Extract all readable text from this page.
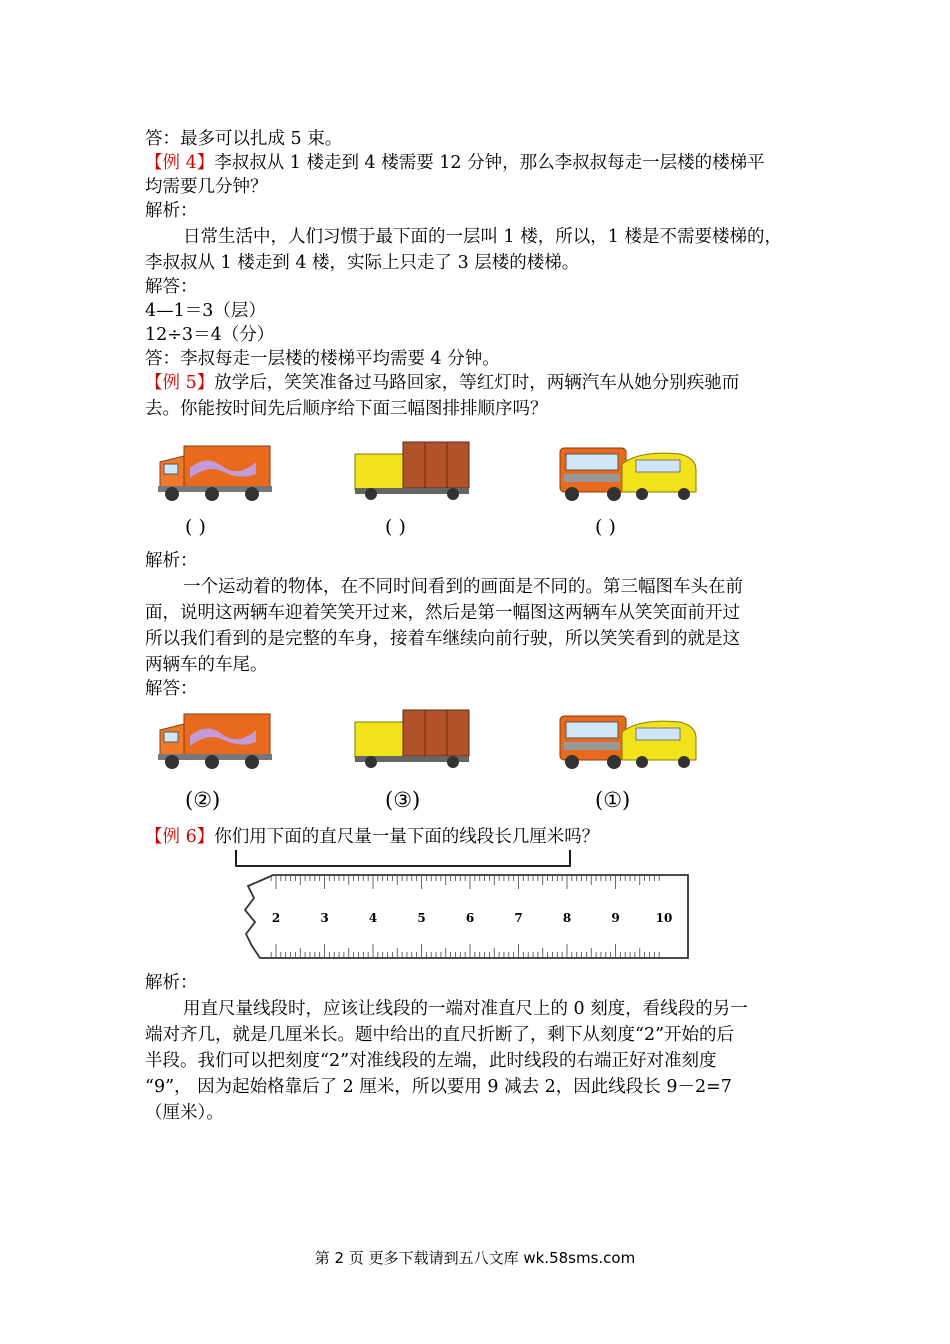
答：最多可以扎成 5 束。
【例 4】李叔叔从 1 楼走到 4 楼需要 12 分钟，那么李叔叔每走一层楼的楼梯平
均需要几分钟？
解析：
日常生活中，人们习惯于最下面的一层叫 1 楼，所以，1 楼是不需要楼梯的，
李叔叔从 1 楼走到 4 楼，实际上只走了 3 层楼的楼梯。
解答：
4—1＝3（层）
12÷3＝4（分）
答：李叔每走一层楼的楼梯平均需要 4 分钟。
【例 5】放学后，笑笑准备过马路回家，等红灯时，两辆汽车从她分别疾驰而
去。你能按时间先后顺序给下面三幅图排排顺序吗？
( )	( )	( )
解析：
一个运动着的物体，在不同时间看到的画面是不同的。第三幅图车头在前
面，说明这两辆车迎着笑笑开过来，然后是第一幅图这两辆车从笑笑面前开过
所以我们看到的是完整的车身，接着车继续向前行驶，所以笑笑看到的就是这
两辆车的车尾。
解答：
(②)	(③)	(①)
【例 6】你们用下面的直尺量一量下面的线段长几厘米吗？
2	3	4	5	6	7	8	9	10
解析：
用直尺量线段时，应该让线段的一端对准直尺上的 0 刻度，看线段的另一
端对齐几，就是几厘米长。题中给出的直尺折断了，剩下从刻度“2”开始的后
半段。我们可以把刻度“2”对准线段的左端，此时线段的右端正好对准刻度
“9”， 因为起始格靠后了 2 厘米，所以要用 9 减去 2，因此线段长 9－2=7
（厘米）。
第 2 页 更多下载请到五八文库 wk.58sms.com
